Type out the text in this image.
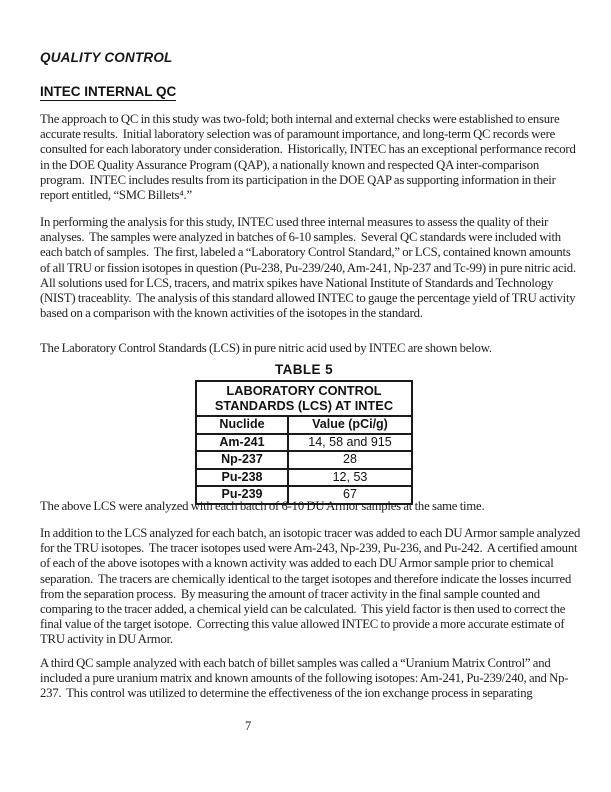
QUALITY CONTROL
INTEC INTERNAL QC

The approach to QC in this study was two-fold; both internal and external checks were established to ensure accurate results.  Initial laboratory selection was of paramount importance, and long-term QC records were consulted for each laboratory under consideration.  Historically, INTEC has an exceptional performance record in the DOE Quality Assurance Program (QAP), a nationally known and respected QA inter-comparison program.  INTEC includes results from its participation in the DOE QAP as supporting information in their report entitled, “SMC Billets⁴.”

In performing the analysis for this study, INTEC used three internal measures to assess the quality of their analyses.  The samples were analyzed in batches of 6-10 samples.  Several QC standards were included with each batch of samples.  The first, labeled a “Laboratory Control Standard,” or LCS, contained known amounts of all TRU or fission isotopes in question (Pu-238, Pu-239/240, Am-241, Np-237 and Tc-99) in pure nitric acid.  All solutions used for LCS, tracers, and matrix spikes have National Institute of Standards and Technology (NIST) traceablity.  The analysis of this standard allowed INTEC to gauge the percentage yield of TRU activity based on a comparison with the known activities of the isotopes in the standard.

The Laboratory Control Standards (LCS) in pure nitric acid used by INTEC are shown below.

TABLE 5
LABORATORY CONTROL STANDARDS (LCS) AT INTEC	
Nuclide	Value (pCi/g)
Am-241	14, 58 and 915
Np-237	28
Pu-238	12, 53
Pu-239	67

The above LCS were analyzed with each batch of 6-10 DU Armor samples at the same time.

In addition to the LCS analyzed for each batch, an isotopic tracer was added to each DU Armor sample analyzed for the TRU isotopes.  The tracer isotopes used were Am-243, Np-239, Pu-236, and Pu-242.  A certified amount of each of the above isotopes with a known activity was added to each DU Armor sample prior to chemical separation.  The tracers are chemically identical to the target isotopes and therefore indicate the losses incurred from the separation process.  By measuring the amount of tracer activity in the final sample counted and comparing to the tracer added, a chemical yield can be calculated.  This yield factor is then used to correct the final value of the target isotope.  Correcting this value allowed INTEC to provide a more accurate estimate of TRU activity in DU Armor.

A third QC sample analyzed with each batch of billet samples was called a “Uranium Matrix Control” and included a pure uranium matrix and known amounts of the following isotopes: Am-241, Pu-239/240, and Np-237.  This control was utilized to determine the effectiveness of the ion exchange process in separating

7
